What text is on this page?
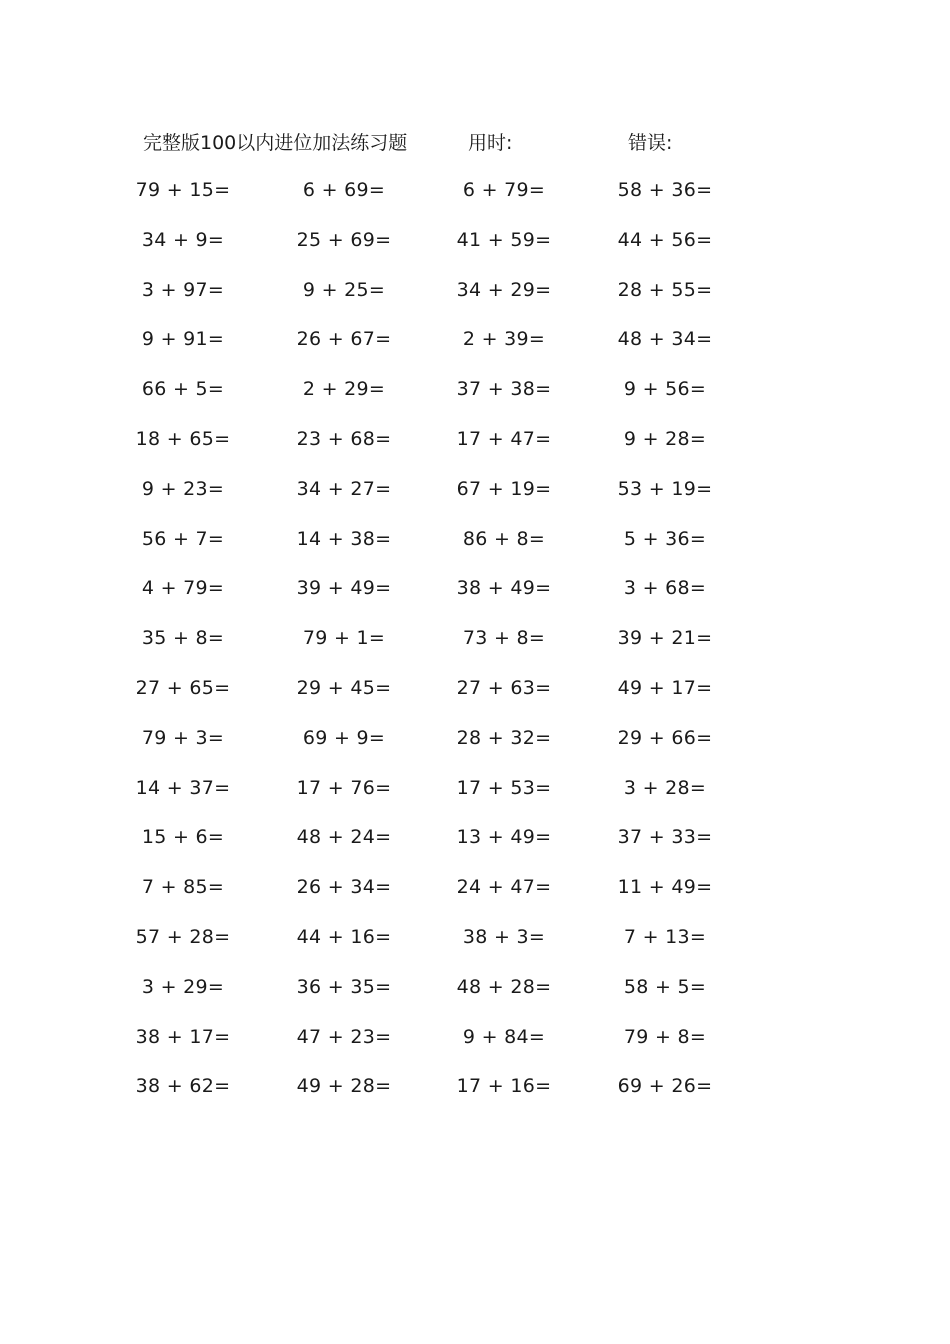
完整版100以内进位加法练习题	用时:	错误:
79 + 15=	6 + 69=	6 + 79=	58 + 36=
34 + 9=	25 + 69=	41 + 59=	44 + 56=
3 + 97=	9 + 25=	34 + 29=	28 + 55=
9 + 91=	26 + 67=	2 + 39=	48 + 34=
66 + 5=	2 + 29=	37 + 38=	9 + 56=
18 + 65=	23 + 68=	17 + 47=	9 + 28=
9 + 23=	34 + 27=	67 + 19=	53 + 19=
56 + 7=	14 + 38=	86 + 8=	5 + 36=
4 + 79=	39 + 49=	38 + 49=	3 + 68=
35 + 8=	79 + 1=	73 + 8=	39 + 21=
27 + 65=	29 + 45=	27 + 63=	49 + 17=
79 + 3=	69 + 9=	28 + 32=	29 + 66=
14 + 37=	17 + 76=	17 + 53=	3 + 28=
15 + 6=	48 + 24=	13 + 49=	37 + 33=
7 + 85=	26 + 34=	24 + 47=	11 + 49=
57 + 28=	44 + 16=	38 + 3=	7 + 13=
3 + 29=	36 + 35=	48 + 28=	58 + 5=
38 + 17=	47 + 23=	9 + 84=	79 + 8=
38 + 62=	49 + 28=	17 + 16=	69 + 26=
